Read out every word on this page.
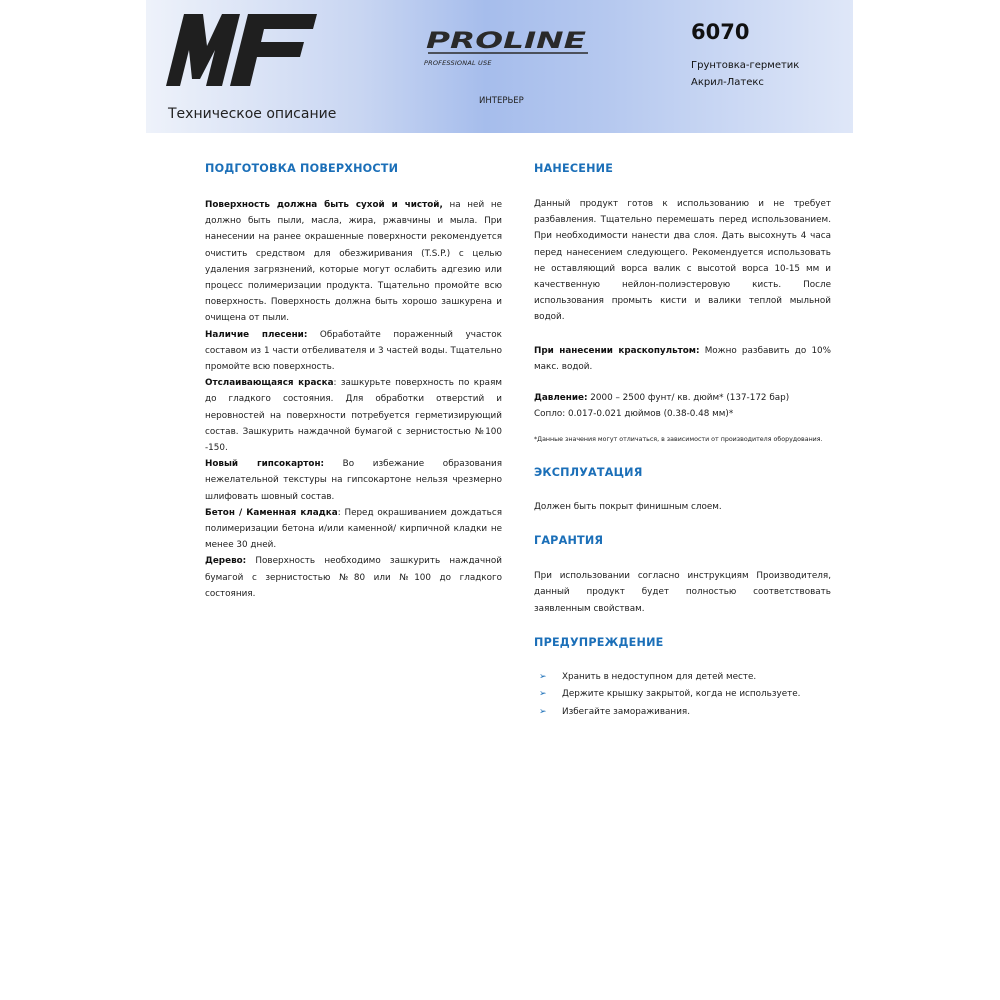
Техническое описание
PROLINE
PROFESSIONAL USE
ИНТЕРЬЕР
6070
Грунтовка-герметик
Акрил-Латекс
ПОДГОТОВКА ПОВЕРХНОСТИ

Поверхность должна быть сухой и чистой, на ней не должно быть пыли, масла, жира, ржавчины и мыла. При нанесении на ранее окрашенные поверхности рекомендуется очистить средством для обезжиривания (T.S.P.) с целью удаления загрязнений, которые могут ослабить адгезию или процесс полимеризации продукта. Тщательно промойте всю поверхность. Поверхность должна быть хорошо зашкурена и очищена от пыли.

Наличие плесени: Обработайте пораженный участок составом из 1 части отбеливателя и 3 частей воды. Тщательно промойте всю поверхность.

Отслаивающаяся краска: зашкурьте поверхность по краям до гладкого состояния. Для обработки отверстий и неровностей на поверхности потребуется герметизирующий состав. Зашкурить наждачной бумагой с зернистостью №100 -150.

Новый гипсокартон: Во избежание образования нежелательной текстуры на гипсокартоне нельзя чрезмерно шлифовать шовный состав.

Бетон / Каменная кладка: Перед окрашиванием дождаться полимеризации бетона и/или каменной/ кирпичной кладки не менее 30 дней.

Дерево: Поверхность необходимо зашкурить наждачной бумагой с зернистостью №80 или №100 до гладкого состояния.

НАНЕСЕНИЕ

Данный продукт готов к использованию и не требует разбавления. Тщательно перемешать перед использованием. При необходимости нанести два слоя. Дать высохнуть 4 часа перед нанесением следующего. Рекомендуется использовать не оставляющий ворса валик с высотой ворса 10-15 мм и качественную нейлон-полиэстеровую кисть. После использования промыть кисти и валики теплой мыльной водой.

При нанесении краскопультом: Можно разбавить до 10% макс. водой.

Давление: 2000 – 2500 фунт/ кв. дюйм* (137-172 бар)

Сопло: 0.017-0.021 дюймов (0.38-0.48 мм)*

*Данные значения могут отличаться, в зависимости от производителя оборудования.

ЭКСПЛУАТАЦИЯ

Должен быть покрыт финишным слоем.

ГАРАНТИЯ

При использовании согласно инструкциям Производителя, данный продукт будет полностью соответствовать заявленным свойствам.

ПРЕДУПРЕЖДЕНИЕ
➢ Хранить в недоступном для детей месте.
➢ Держите крышку закрытой, когда не используете.
➢ Избегайте замораживания.
